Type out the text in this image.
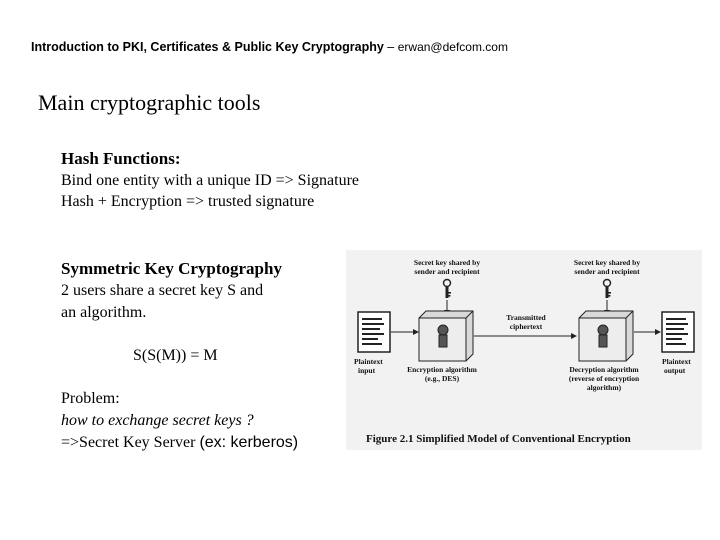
Introduction to PKI, Certificates & Public Key Cryptography – erwan@defcom.com
Main cryptographic tools
Hash Functions:
Bind one entity with a unique ID => Signature
Hash + Encryption => trusted signature
Symmetric Key Cryptography
2 users share a secret key S and
an algorithm.
S(S(M)) = M
Problem:
how to exchange secret keys ?
=>Secret Key Server (ex: kerberos)
Secret key shared by
sender and recipient
Secret key shared by
sender and recipient
Plaintext
input	Encryption algorithm
(e.g., DES)
Transmitted
ciphertext
Decryption algorithm
(reverse of encryption
algorithm)
Plaintext
output
Figure 2.1 Simplified Model of Conventional Encryption
